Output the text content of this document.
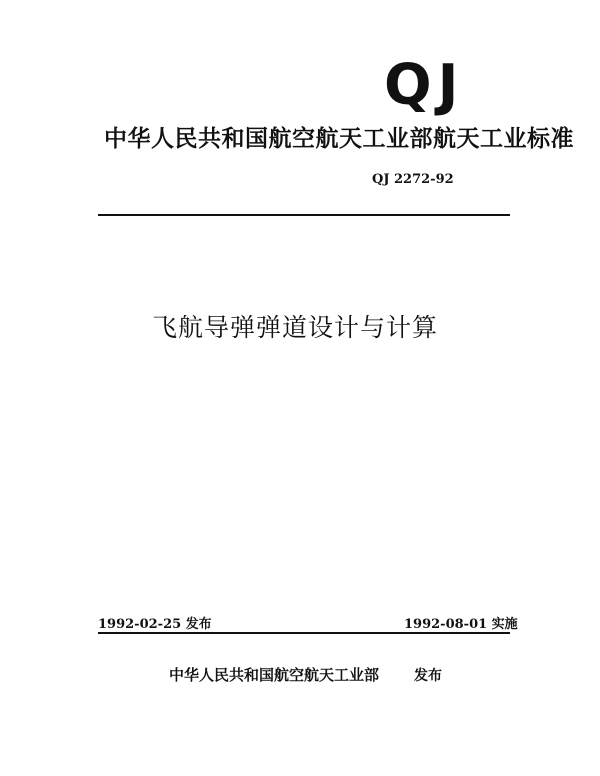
QJ
中华人民共和国航空航天工业部航天工业标准
QJ 2272-92
飞航导弹弹道设计与计算
1992-02-25 发布	1992-08-01 实施
中华人民共和国航空航天工业部 发布
